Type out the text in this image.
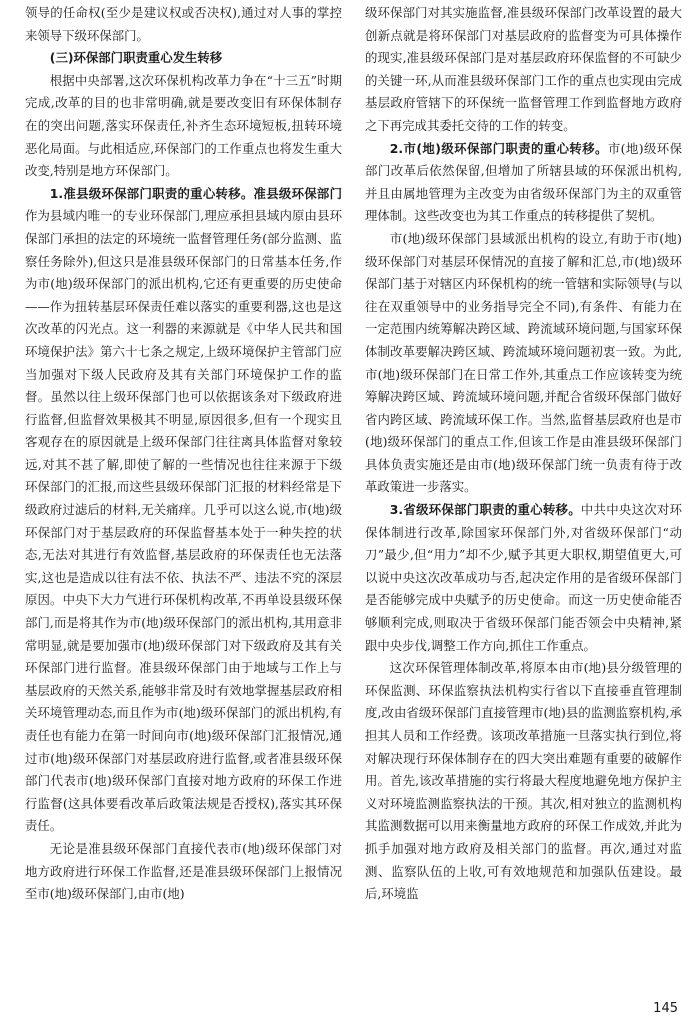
领导的任命权(至少是建议权或否决权),通过对人事的掌控来领导下级环保部门。

(三)环保部门职责重心发生转移

根据中央部署,这次环保机构改革力争在“十三五”时期完成,改革的目的也非常明确,就是要改变旧有环保体制存在的突出问题,落实环保责任,补齐生态环境短板,扭转环境恶化局面。与此相适应,环保部门的工作重点也将发生重大改变,特别是地方环保部门。

1.准县级环保部门职责的重心转移。准县级环保部门作为县域内唯一的专业环保部门,理应承担县域内原由县环保部门承担的法定的环境统一监督管理任务(部分监测、监察任务除外),但这只是准县级环保部门的日常基本任务,作为市(地)级环保部门的派出机构,它还有更重要的历史使命——作为扭转基层环保责任难以落实的重要利器,这也是这次改革的闪光点。这一利器的来源就是《中华人民共和国环境保护法》第六十七条之规定,上级环境保护主管部门应当加强对下级人民政府及其有关部门环境保护工作的监督。虽然以往上级环保部门也可以依据该条对下级政府进行监督,但监督效果极其不明显,原因很多,但有一个现实且客观存在的原因就是上级环保部门往往离具体监督对象较远,对其不甚了解,即使了解的一些情况也往往来源于下级环保部门的汇报,而这些县级环保部门汇报的材料经常是下级政府过滤后的材料,无关痛痒。几乎可以这么说,市(地)级环保部门对于基层政府的环保监督基本处于一种失控的状态,无法对其进行有效监督,基层政府的环保责任也无法落实,这也是造成以往有法不依、执法不严、违法不究的深层原因。中央下大力气进行环保机构改革,不再单设县级环保部门,而是将其作为市(地)级环保部门的派出机构,其用意非常明显,就是要加强市(地)级环保部门对下级政府及其有关环保部门进行监督。准县级环保部门由于地域与工作上与基层政府的天然关系,能够非常及时有效地掌握基层政府相关环境管理动态,而且作为市(地)级环保部门的派出机构,有责任也有能力在第一时间向市(地)级环保部门汇报情况,通过市(地)级环保部门对基层政府进行监督,或者准县级环保部门代表市(地)级环保部门直接对地方政府的环保工作进行监督(这具体要看改革后政策法规是否授权),落实其环保责任。

无论是准县级环保部门直接代表市(地)级环保部门对地方政府进行环保工作监督,还是准县级环保部门上报情况至市(地)级环保部门,由市(地)

级环保部门对其实施监督,准县级环保部门改革设置的最大创新点就是将环保部门对基层政府的监督变为可具体操作的现实,准县级环保部门是对基层政府环保监督的不可缺少的关键一环,从而准县级环保部门工作的重点也实现由完成基层政府管辖下的环保统一监督管理工作到监督地方政府之下再完成其委托交待的工作的转变。

2.市(地)级环保部门职责的重心转移。市(地)级环保部门改革后依然保留,但增加了所辖县域的环保派出机构,并且由属地管理为主改变为由省级环保部门为主的双重管理体制。这些改变也为其工作重点的转移提供了契机。

市(地)级环保部门县域派出机构的设立,有助于市(地)级环保部门对基层环保情况的直接了解和汇总,市(地)级环保部门基于对辖区内环保机构的统一管辖和实际领导(与以往在双重领导中的业务指导完全不同),有条件、有能力在一定范围内统筹解决跨区域、跨流域环境问题,与国家环保体制改革要解决跨区域、跨流域环境问题初衷一致。为此,市(地)级环保部门在日常工作外,其重点工作应该转变为统筹解决跨区域、跨流域环境问题,并配合省级环保部门做好省内跨区域、跨流域环保工作。当然,监督基层政府也是市(地)级环保部门的重点工作,但该工作是由准县级环保部门具体负责实施还是由市(地)级环保部门统一负责有待于改革政策进一步落实。

3.省级环保部门职责的重心转移。中共中央这次对环保体制进行改革,除国家环保部门外,对省级环保部门“动刀”最少,但“用力”却不少,赋予其更大职权,期望值更大,可以说中央这次改革成功与否,起决定作用的是省级环保部门是否能够完成中央赋予的历史使命。而这一历史使命能否够顺利完成,则取决于省级环保部门能否领会中央精神,紧跟中央步伐,调整工作方向,抓住工作重点。

这次环保管理体制改革,将原本由市(地)县分级管理的环保监测、环保监察执法机构实行省以下直接垂直管理制度,改由省级环保部门直接管理市(地)县的监测监察机构,承担其人员和工作经费。该项改革措施一旦落实执行到位,将对解决现行环保体制存在的四大突出难题有重要的破解作用。首先,该改革措施的实行将最大程度地避免地方保护主义对环境监测监察执法的干预。其次,相对独立的监测机构其监测数据可以用来衡量地方政府的环保工作成效,并此为抓手加强对地方政府及相关部门的监督。再次,通过对监测、监察队伍的上收,可有效地规范和加强队伍建设。最后,环境监

145
